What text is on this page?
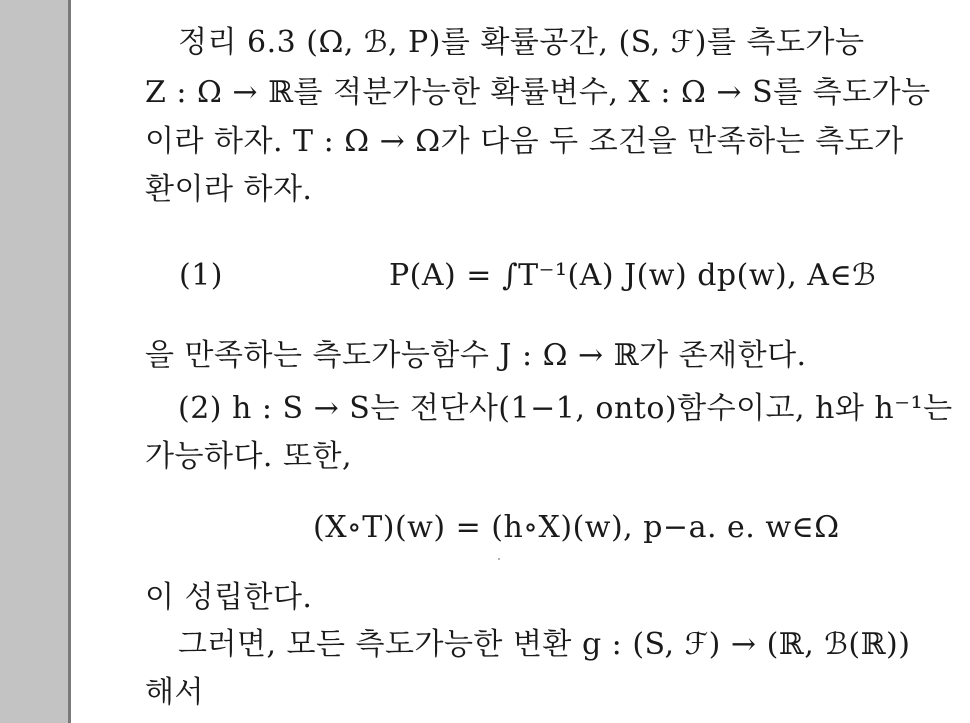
정리 6.3 (Ω, ℬ, P)를 확률공간, (S, ℱ)를 측도가능
Z : Ω → ℝ를 적분가능한 확률변수, X : Ω → S를 측도가능
이라 하자. T : Ω → Ω가 다음 두 조건을 만족하는 측도가
환이라 하자.
(1)	P(A) = ∫T⁻¹(A) J(w) dp(w), A∈ℬ
을 만족하는 측도가능함수 J : Ω → ℝ가 존재한다.
(2) h : S → S는 전단사(1−1, onto)함수이고, h와 h⁻¹는
가능하다. 또한,
(X∘T)(w) = (h∘X)(w), p−a. e. w∈Ω
이 성립한다.
그러면, 모든 측도가능한 변환 g : (S, ℱ) → (ℝ, ℬ(ℝ))
해서
